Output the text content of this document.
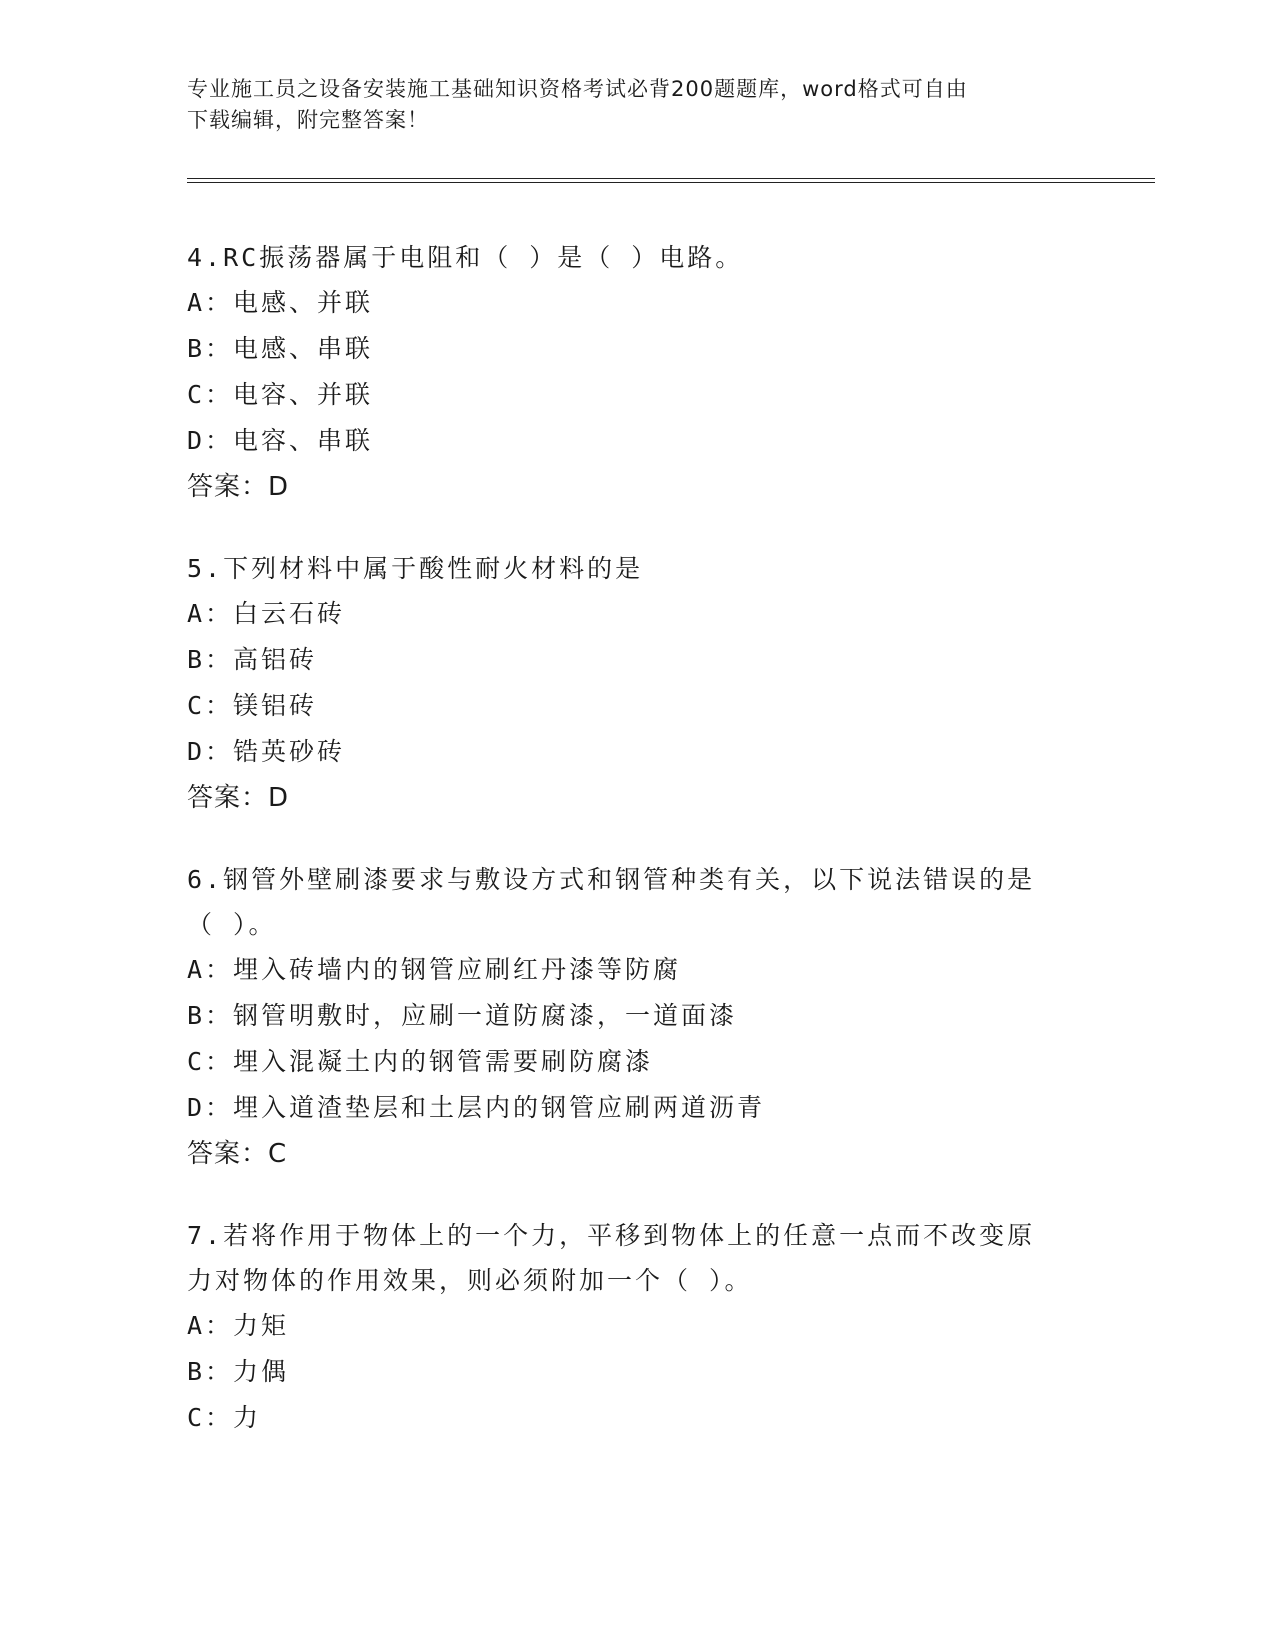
专业施工员之设备安装施工基础知识资格考试必背200题题库，word格式可自由
下载编辑，附完整答案！

4.RC振荡器属于电阻和（ ）是（ ）电路。

A：电感、并联

B：电感、串联

C：电容、并联

D：电容、串联

答案：D

5.下列材料中属于酸性耐火材料的是

A：白云石砖

B：高铝砖

C：镁铝砖

D：锆英砂砖

答案：D

6.钢管外壁刷漆要求与敷设方式和钢管种类有关，以下说法错误的是
（ ）。

A：埋入砖墙内的钢管应刷红丹漆等防腐

B：钢管明敷时，应刷一道防腐漆，一道面漆

C：埋入混凝土内的钢管需要刷防腐漆

D：埋入道渣垫层和土层内的钢管应刷两道沥青

答案：C

7.若将作用于物体上的一个力，平移到物体上的任意一点而不改变原
力对物体的作用效果，则必须附加一个（ ）。

A：力矩

B：力偶

C：力
